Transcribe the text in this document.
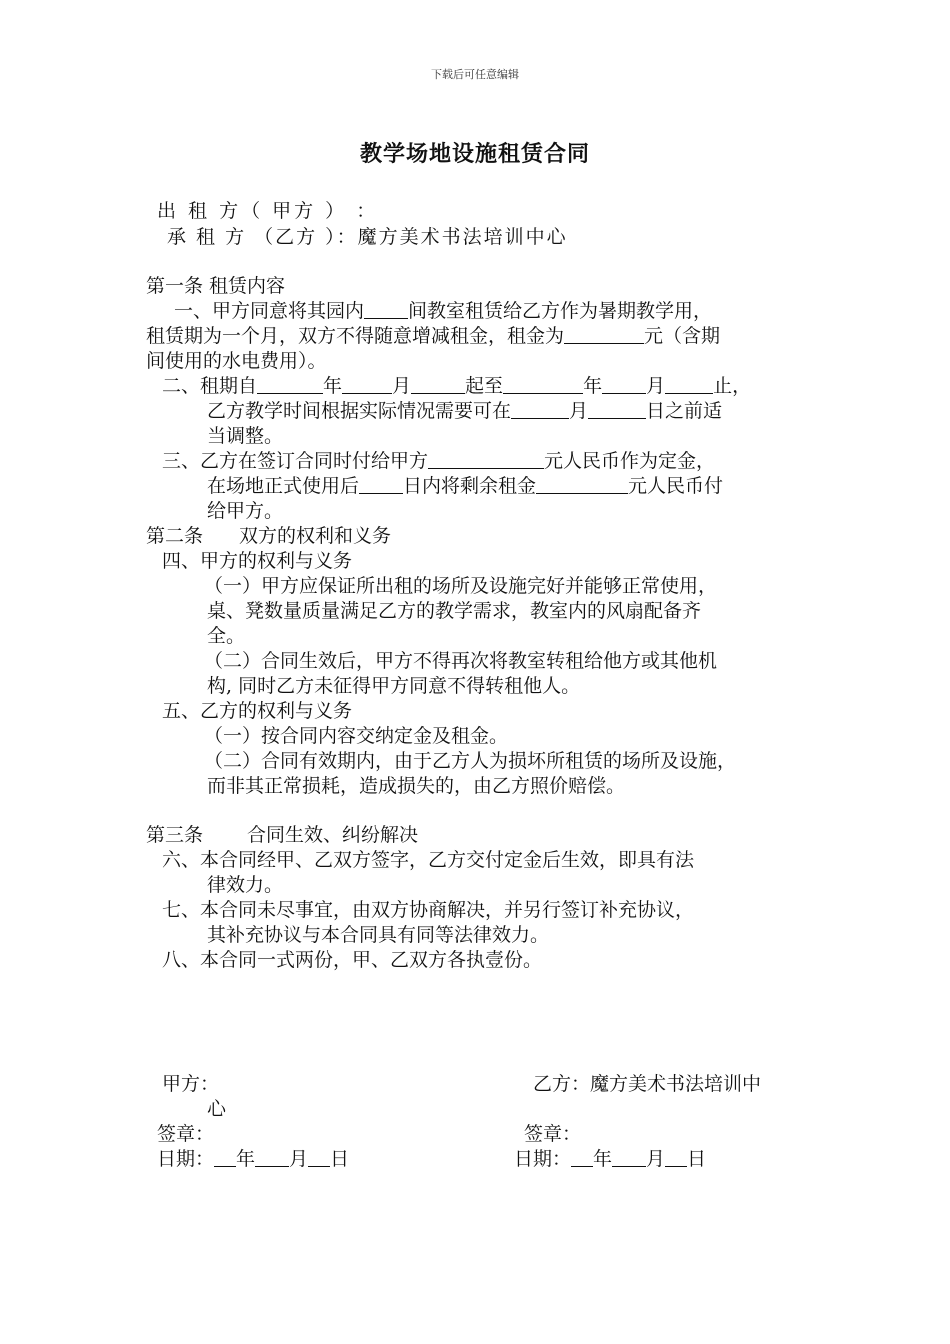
下载后可任意编辑
教学场地设施租赁合同
出 租 方（ 甲方 ） ：
承 租 方 （乙方 ）：魔方美术书法培训中心
第一条 租赁内容
一、甲方同意将其园内 间教室租赁给乙方作为暑期教学用，
租赁期为一个月，双方不得随意增减租金，租金为	元（含期
间使用的水电费用）。
二、租期自	年	月	起至	年 月	止，
乙方教学时间根据实际情况需要可在	月	日之前适
当调整。
三、乙方在签订合同时付给甲方	元人民币作为定金，
在场地正式使用后 日内将剩余租金	元人民币付
给甲方。
第二条 双方的权利和义务
四、甲方的权利与义务
（一）甲方应保证所出租的场所及设施完好并能够正常使用，
桌、凳数量质量满足乙方的教学需求，教室内的风扇配备齐
全。
（二）合同生效后，甲方不得再次将教室转租给他方或其他机
构, 同时乙方未征得甲方同意不得转租他人。
五、乙方的权利与义务
（一）按合同内容交纳定金及租金。
（二）合同有效期内，由于乙方人为损坏所租赁的场所及设施，
而非其正常损耗，造成损失的，由乙方照价赔偿。
第三条 合同生效、纠纷解决
六、本合同经甲、乙双方签字，乙方交付定金后生效，即具有法
律效力。
七、本合同未尽事宜，由双方协商解决，并另行签订补充协议，
其补充协议与本合同具有同等法律效力。
八、本合同一式两份，甲、乙双方各执壹份。
甲方：	乙方：魔方美术书法培训中
心
签章：	签章：
日期： 年 月 日	日期： 年 月 日
